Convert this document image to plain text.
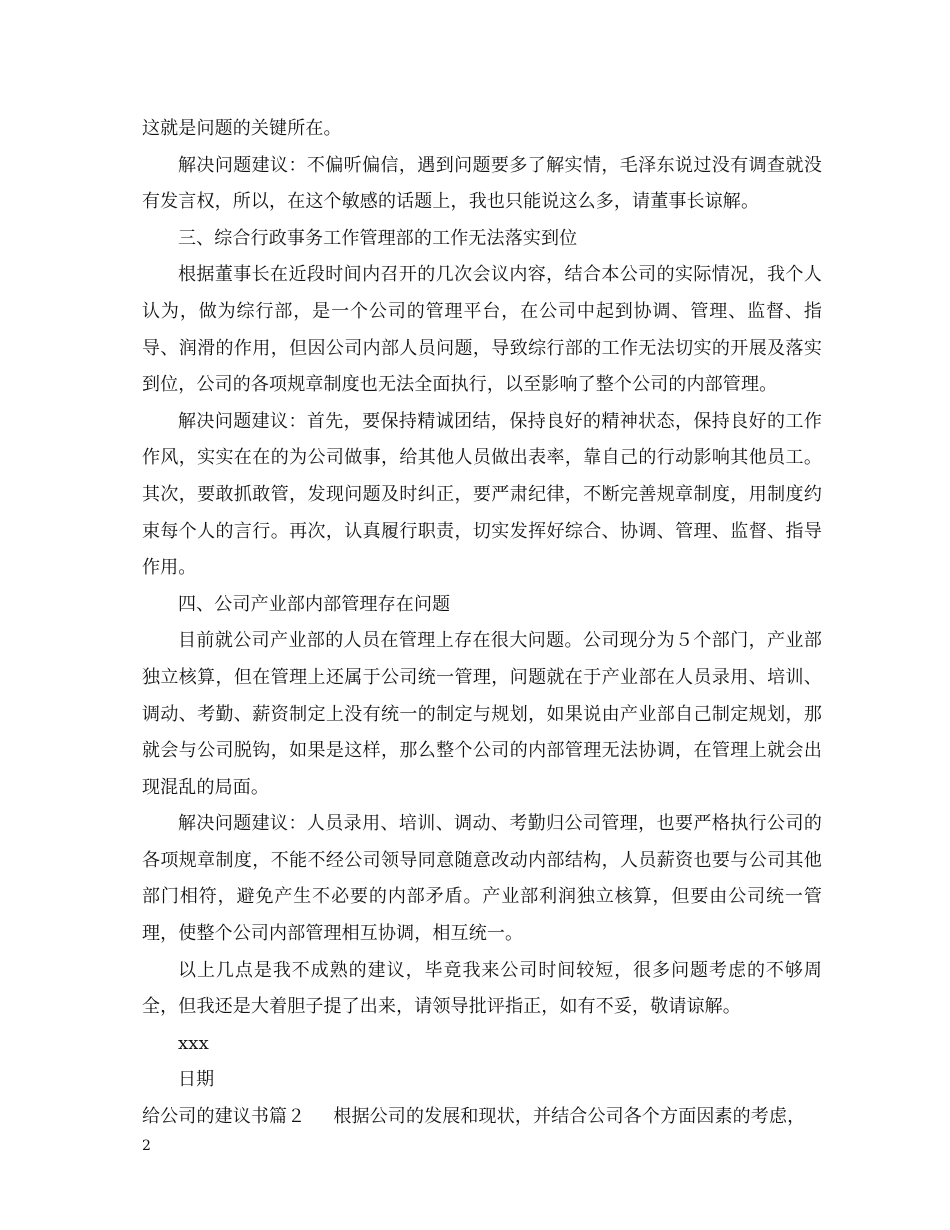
这就是问题的关键所在。

解决问题建议：不偏听偏信，遇到问题要多了解实情，毛泽东说过没有调查就没有发言权，所以，在这个敏感的话题上，我也只能说这么多，请董事长谅解。

三、综合行政事务工作管理部的工作无法落实到位

根据董事长在近段时间内召开的几次会议内容，结合本公司的实际情况，我个人认为，做为综行部，是一个公司的管理平台，在公司中起到协调、管理、监督、指导、润滑的作用，但因公司内部人员问题，导致综行部的工作无法切实的开展及落实到位，公司的各项规章制度也无法全面执行，以至影响了整个公司的内部管理。

解决问题建议：首先，要保持精诚团结，保持良好的精神状态，保持良好的工作作风，实实在在的为公司做事，给其他人员做出表率，靠自己的行动影响其他员工。其次，要敢抓敢管，发现问题及时纠正，要严肃纪律，不断完善规章制度，用制度约束每个人的言行。再次，认真履行职责，切实发挥好综合、协调、管理、监督、指导作用。

四、公司产业部内部管理存在问题

目前就公司产业部的人员在管理上存在很大问题。公司现分为５个部门，产业部独立核算，但在管理上还属于公司统一管理，问题就在于产业部在人员录用、培训、调动、考勤、薪资制定上没有统一的制定与规划，如果说由产业部自己制定规划，那就会与公司脱钩，如果是这样，那么整个公司的内部管理无法协调，在管理上就会出现混乱的局面。

解决问题建议：人员录用、培训、调动、考勤归公司管理，也要严格执行公司的各项规章制度，不能不经公司领导同意随意改动内部结构，人员薪资也要与公司其他部门相符，避免产生不必要的内部矛盾。产业部利润独立核算，但要由公司统一管理，使整个公司内部管理相互协调，相互统一。

以上几点是我不成熟的建议，毕竟我来公司时间较短，很多问题考虑的不够周全，但我还是大着胆子提了出来，请领导批评指正，如有不妥，敬请谅解。

xxx

日期

给公司的建议书篇２ 根据公司的发展和现状，并结合公司各个方面因素的考虑，

2
